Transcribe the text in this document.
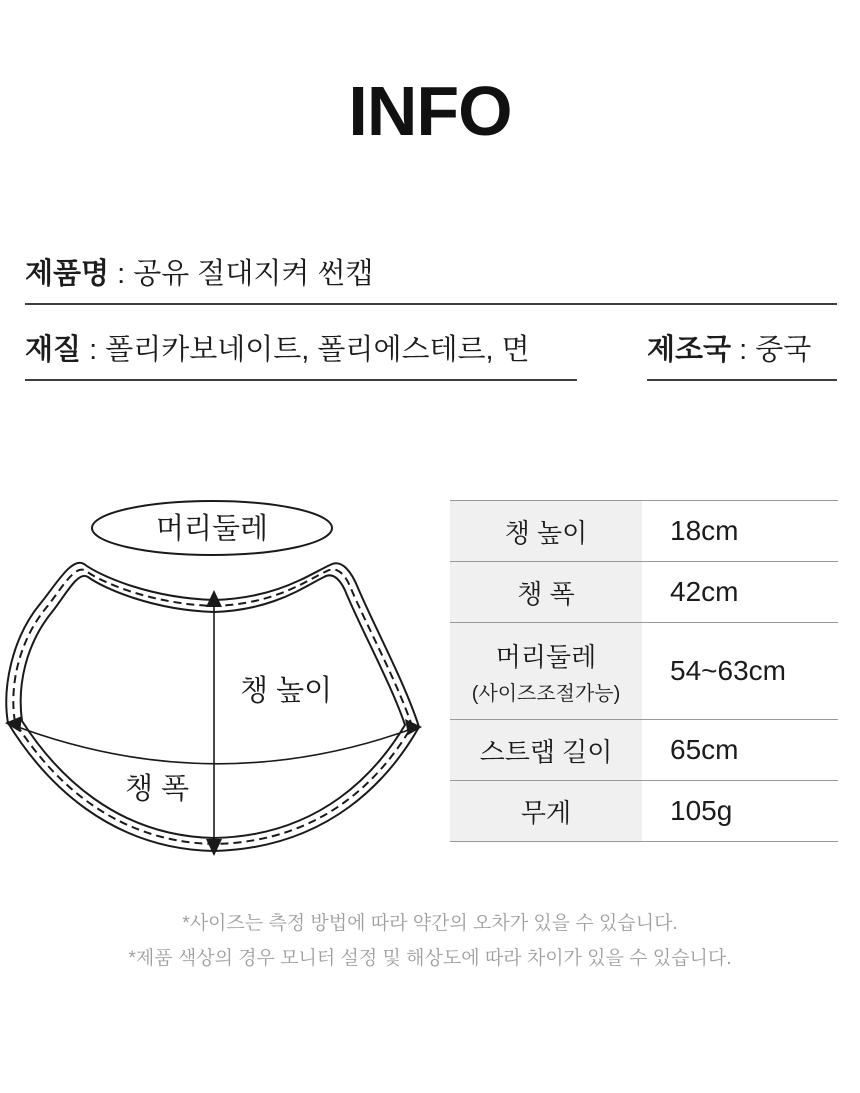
INFO
제품명 : 공유 절대지켜 썬캡
재질 : 폴리카보네이트, 폴리에스테르, 면	제조국 : 중국
머리둘레
챙 높이
챙 폭
챙 높이	18cm
챙 폭	42cm
머리둘레
(사이즈조절가능)
54~63cm
스트랩 길이	65cm
무게	105g
*사이즈는 측정 방법에 따라 약간의 오차가 있을 수 있습니다.
*제품 색상의 경우 모니터 설정 및 해상도에 따라 차이가 있을 수 있습니다.
